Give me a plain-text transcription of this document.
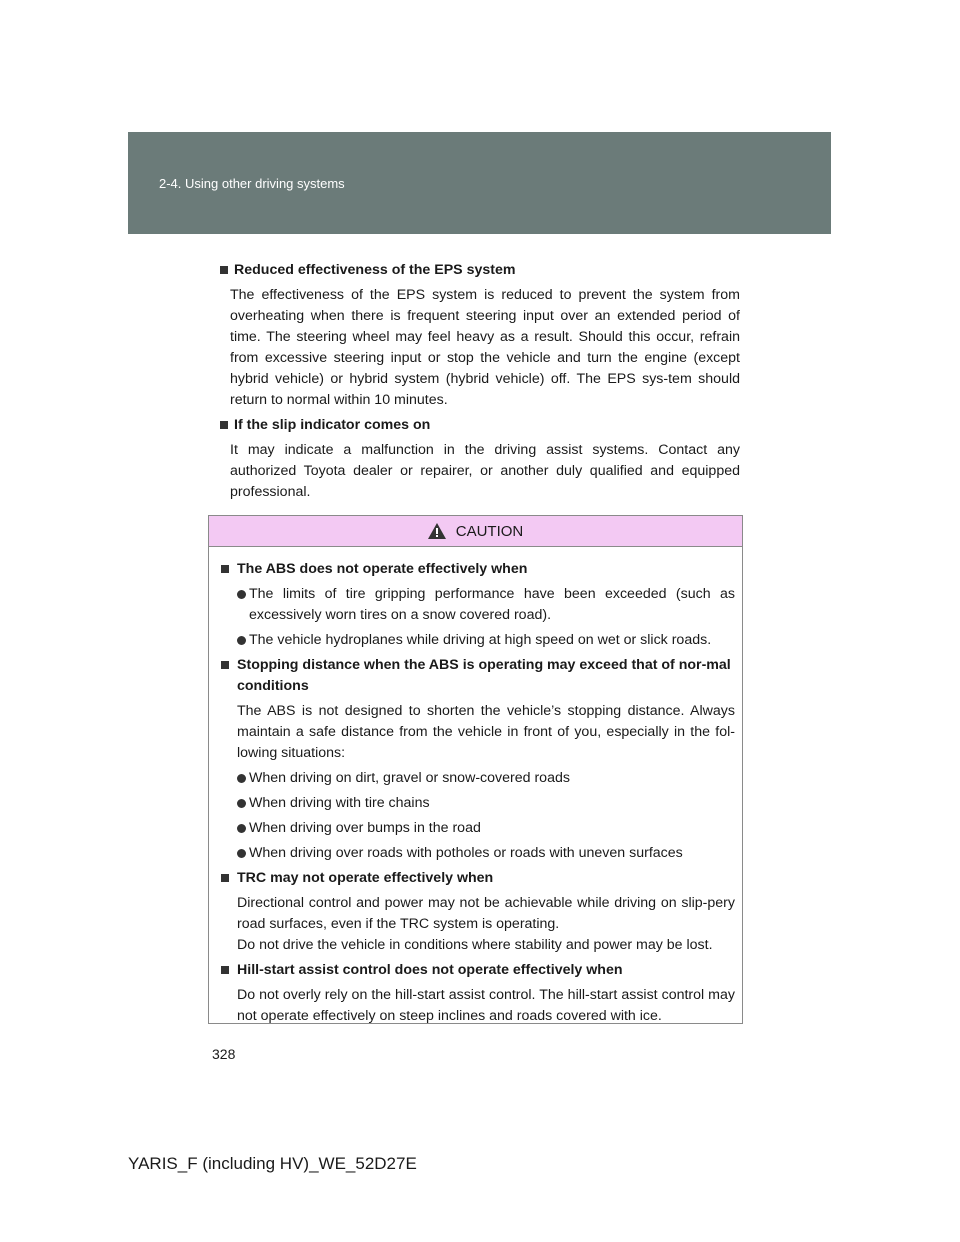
2-4. Using other driving systems

Reduced effectiveness of the EPS system

The effectiveness of the EPS system is reduced to prevent the system from overheating when there is frequent steering input over an extended period of time. The steering wheel may feel heavy as a result. Should this occur, refrain from excessive steering input or stop the vehicle and turn the engine (except hybrid vehicle) or hybrid system (hybrid vehicle) off. The EPS sys-tem should return to normal within 10 minutes.

If the slip indicator comes on

It may indicate a malfunction in the driving assist systems. Contact any authorized Toyota dealer or repairer, or another duly qualified and equipped professional.

CAUTION
The ABS does not operate effectively when
The limits of tire gripping performance have been exceeded (such as excessively worn tires on a snow covered road).
The vehicle hydroplanes while driving at high speed on wet or slick roads.
Stopping distance when the ABS is operating may exceed that of nor-mal conditions
The ABS is not designed to shorten the vehicle’s stopping distance. Always maintain a safe distance from the vehicle in front of you, especially in the fol-lowing situations:
When driving on dirt, gravel or snow-covered roads
When driving with tire chains
When driving over bumps in the road
When driving over roads with potholes or roads with uneven surfaces
TRC may not operate effectively when
Directional control and power may not be achievable while driving on slip-pery road surfaces, even if the TRC system is operating.
Do not drive the vehicle in conditions where stability and power may be lost.
Hill-start assist control does not operate effectively when
Do not overly rely on the hill-start assist control. The hill-start assist control may not operate effectively on steep inclines and roads covered with ice.
328
YARIS_F (including HV)_WE_52D27E
